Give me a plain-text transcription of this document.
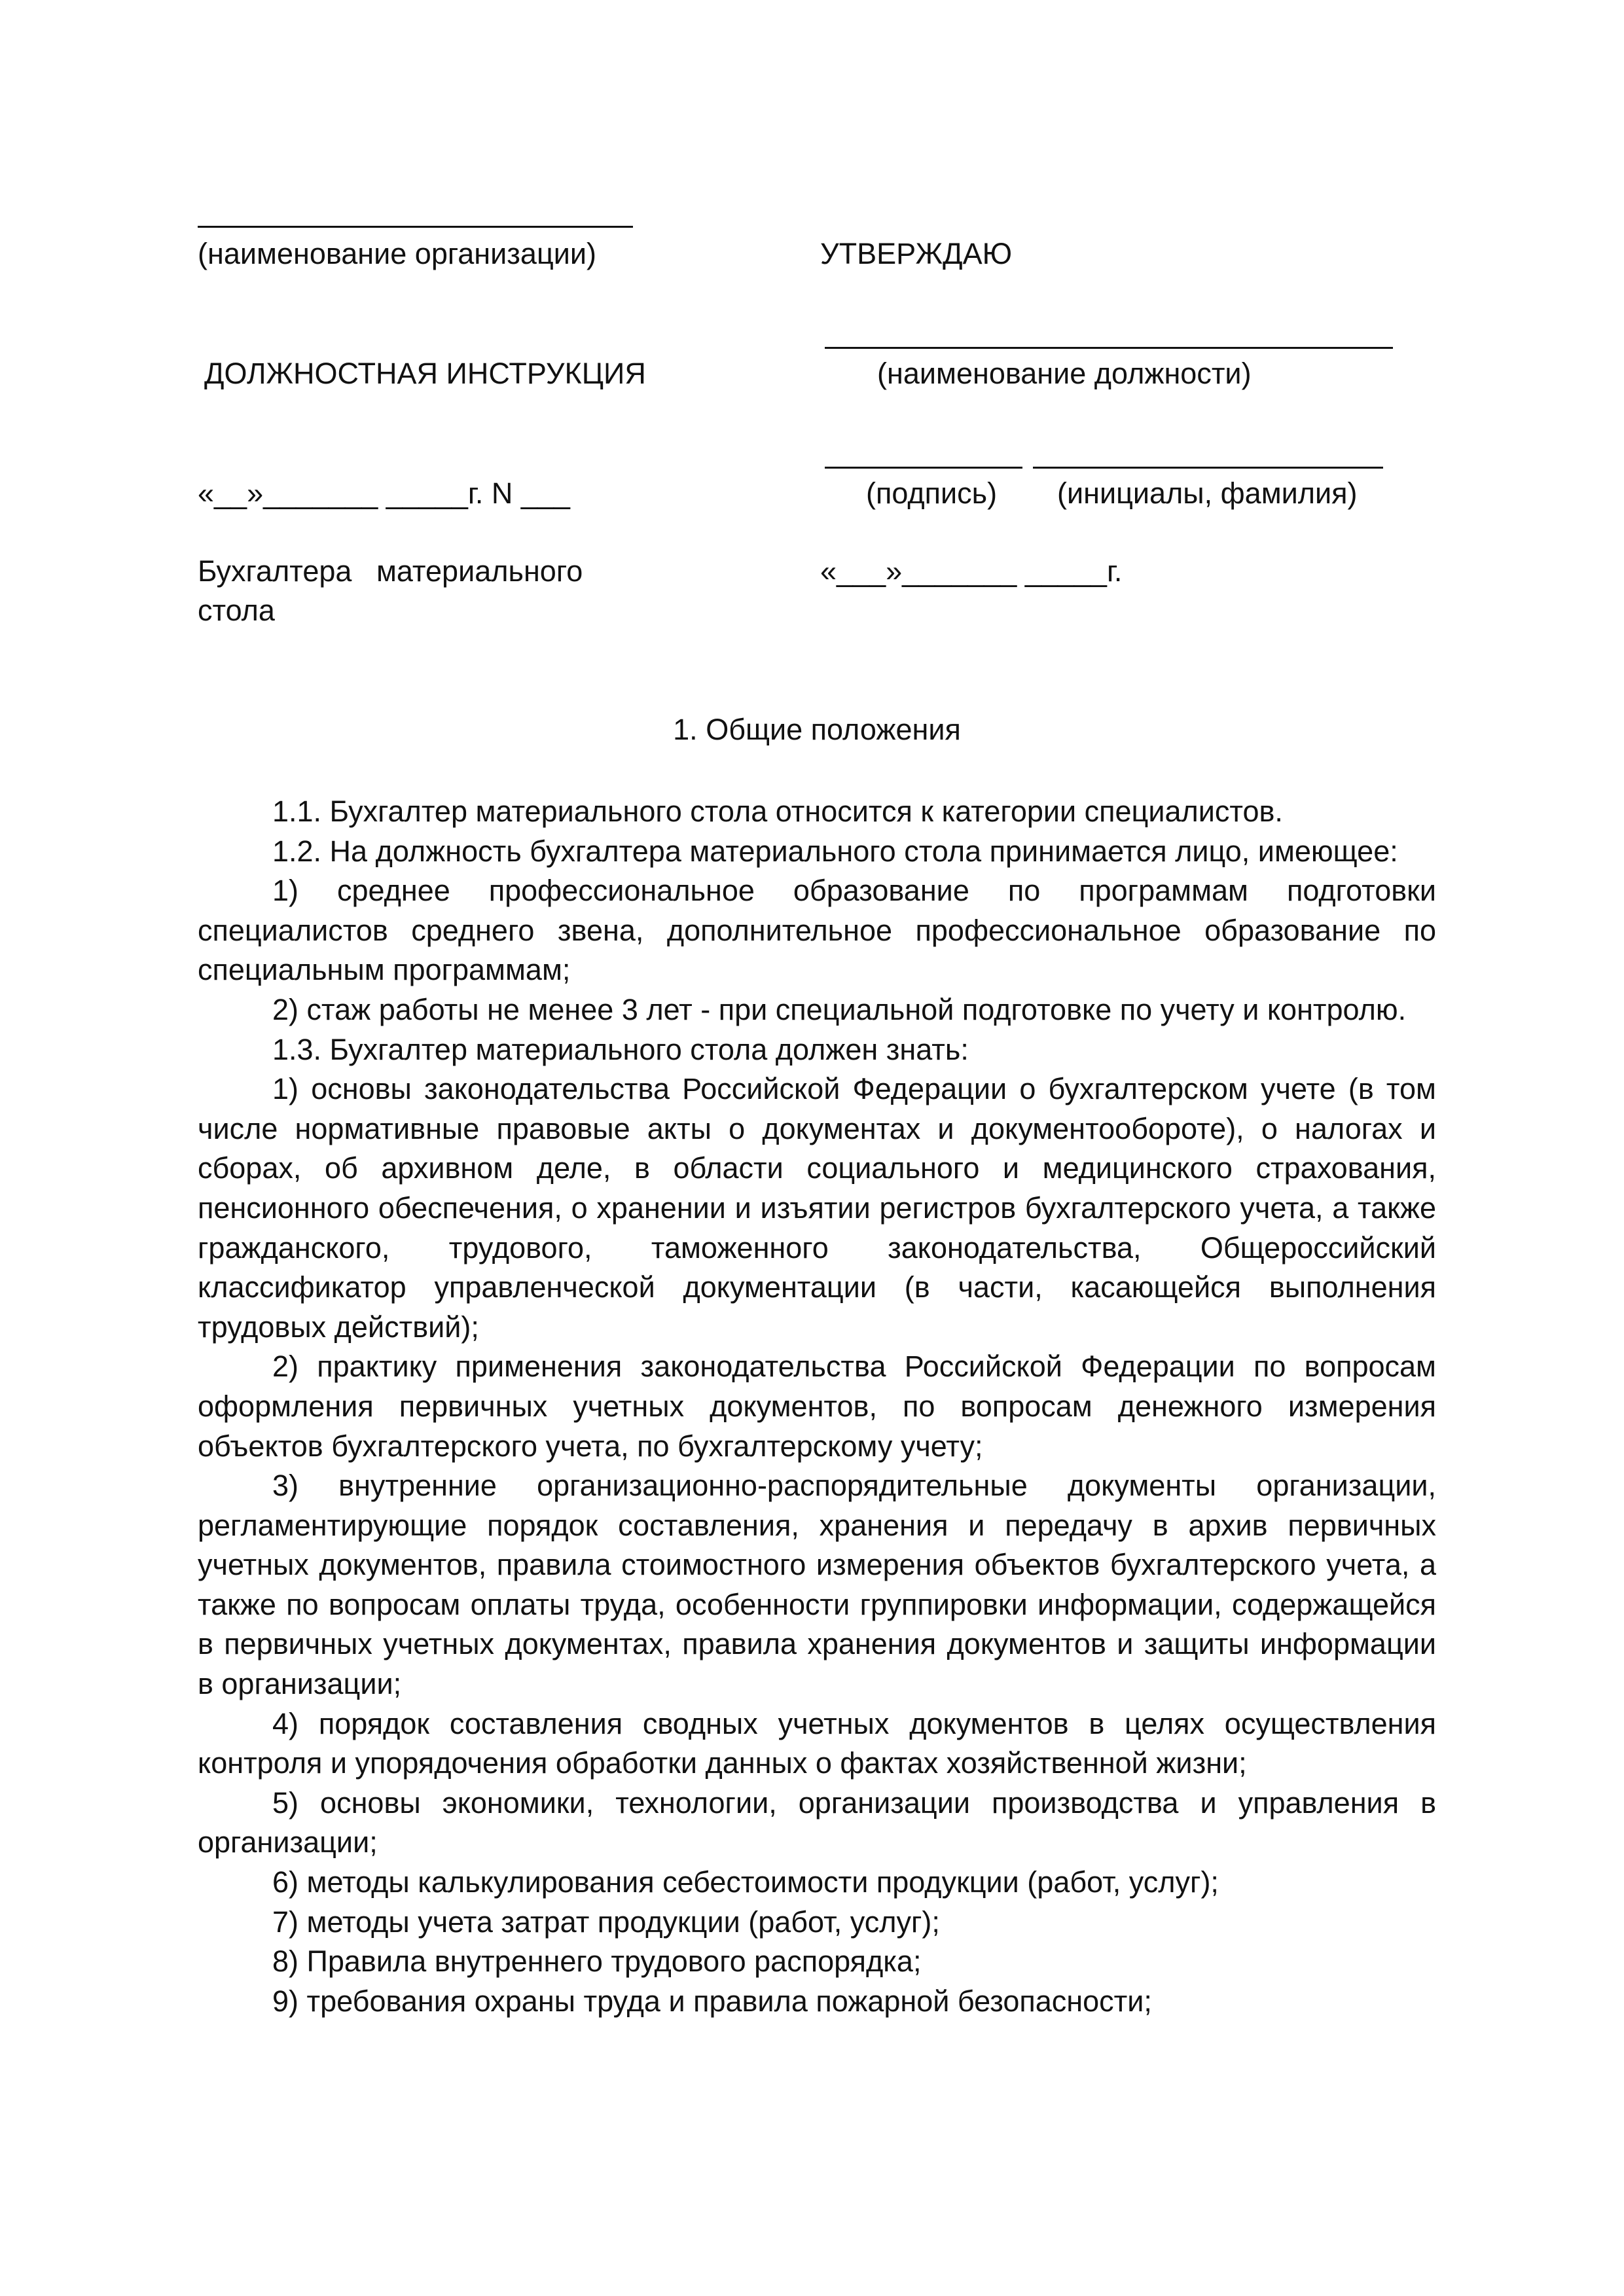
(наименование организации)	УТВЕРЖДАЮ
(наименование должности)
ДОЛЖНОСТНАЯ ИНСТРУКЦИЯ
(подпись) (инициалы, фамилия)
«__»_______ _____г. N ___
Бухгалтера   материального
стола
«___»_______ _____г.
1. Общие положения

1.1. Бухгалтер материального стола относится к категории специалистов.

1.2. На должность бухгалтера материального стола принимается лицо, имеющее:

1) среднее профессиональное образование по программам подготовки специалистов среднего звена, дополнительное профессиональное образование по специальным программам;

2) стаж работы не менее 3 лет - при специальной подготовке по учету и контролю.

1.3. Бухгалтер материального стола должен знать:

1) основы законодательства Российской Федерации о бухгалтерском учете (в том числе нормативные правовые акты о документах и документообороте), о налогах и сборах, об архивном деле, в области социального и медицинского страхования, пенсионного обеспечения, о хранении и изъятии регистров бухгалтерского учета, а также гражданского, трудового, таможенного законодательства, Общероссийский классификатор управленческой документации (в части, касающейся выполнения трудовых действий);

2) практику применения законодательства Российской Федерации по вопросам оформления первичных учетных документов, по вопросам денежного измерения объектов бухгалтерского учета, по бухгалтерскому учету;

3) внутренние организационно-распорядительные документы организации, регламентирующие порядок составления, хранения и передачу в архив первичных учетных документов, правила стоимостного измерения объектов бухгалтерского учета, а также по вопросам оплаты труда, особенности группировки информации, содержащейся в первичных учетных документах, правила хранения документов и защиты информации в организации;

4) порядок составления сводных учетных документов в целях осуществления контроля и упорядочения обработки данных о фактах хозяйственной жизни;

5) основы экономики, технологии, организации производства и управления в организации;

6) методы калькулирования себестоимости продукции (работ, услуг);

7) методы учета затрат продукции (работ, услуг);

8) Правила внутреннего трудового распорядка;

9) требования охраны труда и правила пожарной безопасности;
